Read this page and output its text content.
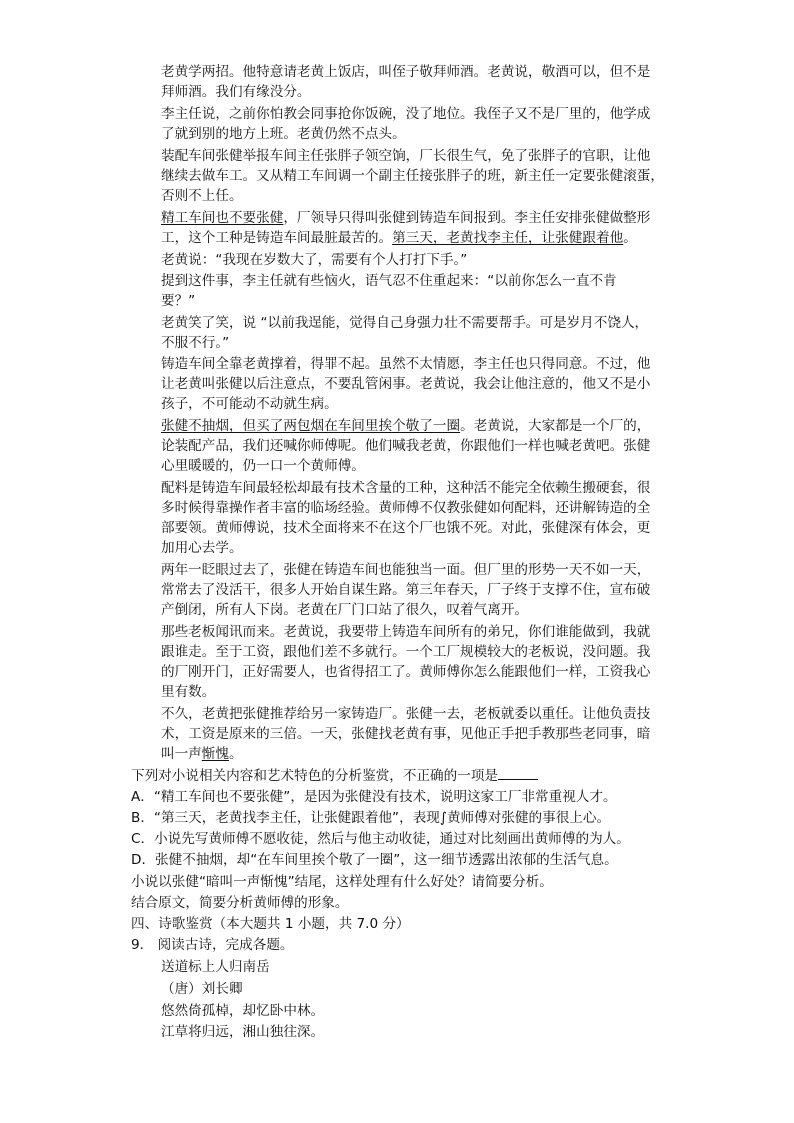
老黄学两招。他特意请老黄上饭店，叫侄子敬拜师酒。老黄说，敬酒可以，但不是
拜师酒。我们有缘没分。
李主任说，之前你怕教会同事抢你饭碗，没了地位。我侄子又不是厂里的，他学成
了就到别的地方上班。老黄仍然不点头。
装配车间张健举报车间主任张胖子领空饷，厂长很生气，免了张胖子的官职，让他
继续去做车工。又从精工车间调一个副主任接张胖子的班，新主任一定要张健滚蛋，
否则不上任。
精工车间也不要张健，厂领导只得叫张健到铸造车间报到。李主任安排张健做整形
工，这个工种是铸造车间最脏最苦的。第三天，老黄找李主任，让张健跟着他。
老黄说：“我现在岁数大了，需要有个人打打下手。”
提到这件事，李主任就有些恼火，语气忍不住重起来：“以前你怎么一直不肯
要？”
老黄笑了笑，说 “以前我逞能，觉得自己身强力壮不需要帮手。可是岁月不饶人，
不服不行。”
铸造车间全靠老黄撑着，得罪不起。虽然不太情愿，李主任也只得同意。不过，他
让老黄叫张健以后注意点，不要乱管闲事。老黄说，我会让他注意的，他又不是小
孩子，不可能动不动就生病。
张健不抽烟，但买了两包烟在车间里挨个敬了一圈。老黄说，大家都是一个厂的，
论装配产品，我们还喊你师傅呢。他们喊我老黄，你跟他们一样也喊老黄吧。张健
心里暖暖的，仍一口一个黄师傅。
配料是铸造车间最轻松却最有技术含量的工种，这种活不能完全依赖生搬硬套，很
多时候得靠操作者丰富的临场经验。黄师傅不仅教张健如何配料，还讲解铸造的全
部要领。黄师傅说，技术全面将来不在这个厂也饿不死。对此，张健深有体会，更
加用心去学。
两年一眨眼过去了，张健在铸造车间也能独当一面。但厂里的形势一天不如一天，
常常去了没活干，很多人开始自谋生路。第三年春天，厂子终于支撑不住，宣布破
产倒闭，所有人下岗。老黄在厂门口站了很久，叹着气离开。
那些老板闻讯而来。老黄说，我要带上铸造车间所有的弟兄，你们谁能做到，我就
跟谁走。至于工资，跟他们差不多就行。一个工厂规模较大的老板说，没问题。我
的厂刚开门，正好需要人，也省得招工了。黄师傅你怎么能跟他们一样，工资我心
里有数。
不久，老黄把张健推荐给另一家铸造厂。张健一去，老板就委以重任。让他负责技
术，工资是原来的三倍。一天，张健找老黄有事，见他正手把手教那些老同事，暗
叫一声惭愧。
下列对小说相关内容和艺术特色的分析鉴赏，不正确的一项是
A．“精工车间也不要张健”，是因为张健没有技术，说明这家工厂非常重视人才。
B．“第三天，老黄找李主任，让张健跟着他”，表现∫黄师傅对张健的事很上心。
C．小说先写黄师傅不愿收徒，然后与他主动收徒，通过对比刻画出黄师傅的为人。
D．张健不抽烟，却“在车间里挨个敬了一圈”，这一细节透露出浓郁的生活气息。
小说以张健“暗叫一声惭愧”结尾，这样处理有什么好处？请简要分析。
结合原文，简要分析黄师傅的形象。
四、诗歌鉴赏（本大题共 1 小题，共 7.0 分）
9． 阅读古诗，完成各题。
送道标上人归南岳
（唐）刘长卿
悠然倚孤棹，却忆卧中林。
江草将归远，湘山独往深。
